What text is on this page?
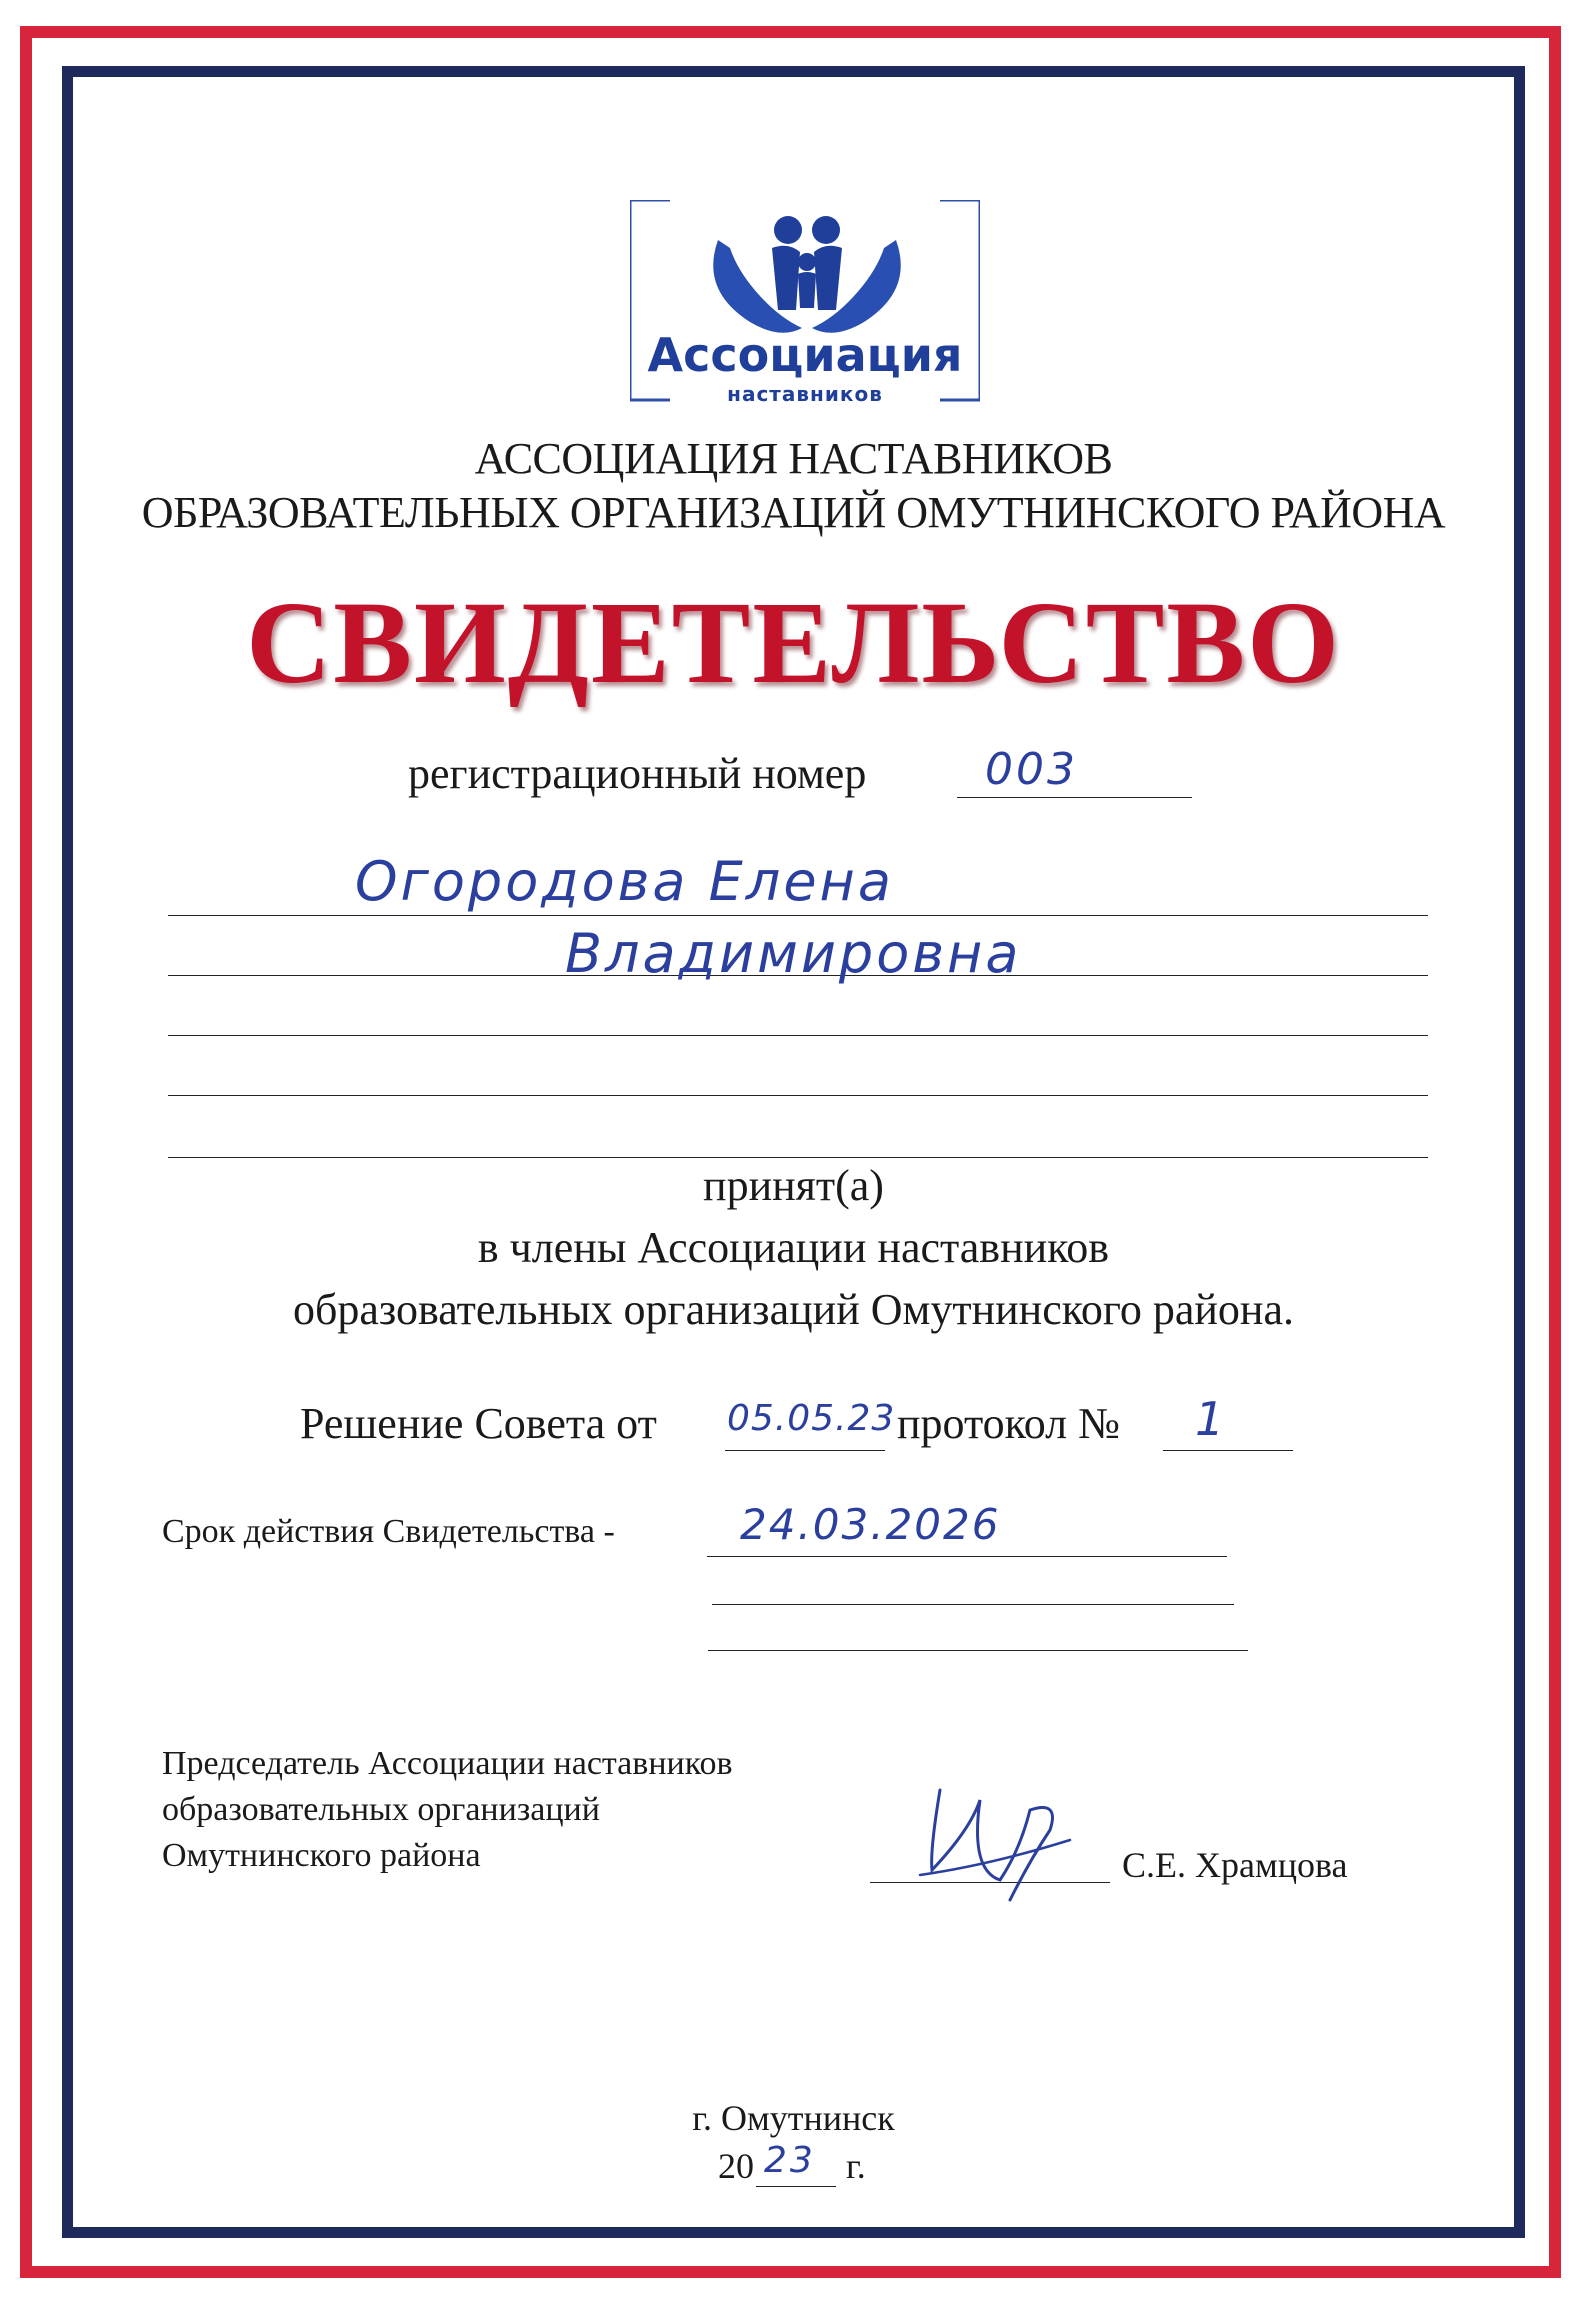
Ассоциация
наставников
АССОЦИАЦИЯ НАСТАВНИКОВ
ОБРАЗОВАТЕЛЬНЫХ ОРГАНИЗАЦИЙ ОМУТНИНСКОГО РАЙОНА
СВИДЕТЕЛЬСТВО
регистрационный номер	003
Огородова Елена
Владимировна
принят(а)
в члены Ассоциации наставников
образовательных организаций Омутнинского района.
Решение Совета от 05.05.23 протокол № 1
Срок действия Свидетельства -	24.03.2026
Председатель Ассоциации наставников
образовательных организаций
Омутнинского района	С.Е. Храмцова
г. Омутнинск
20 23 г.
